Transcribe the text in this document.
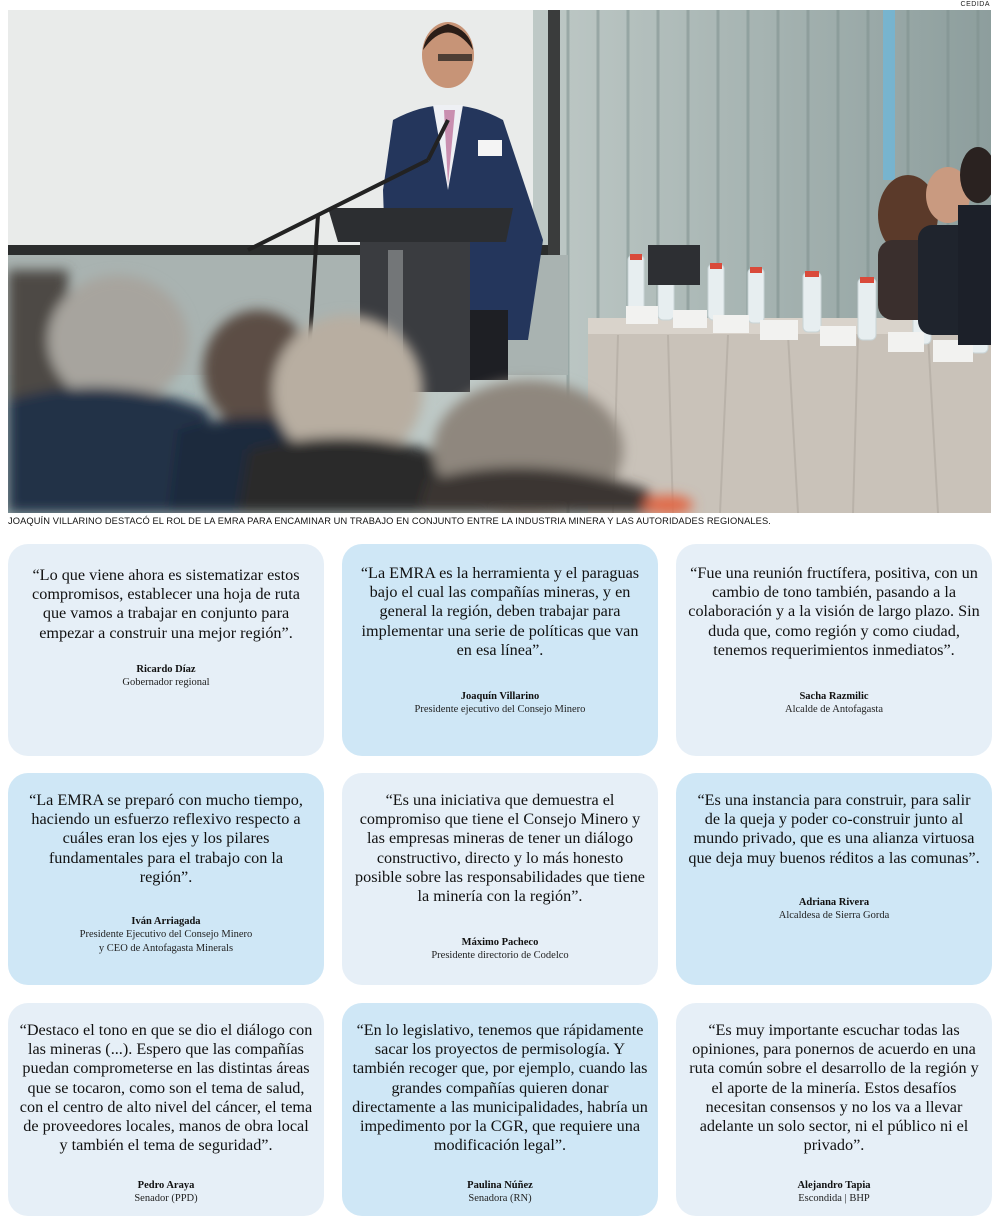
CEDIDA
JOAQUÍN VILLARINO DESTACÓ EL ROL DE LA EMRA PARA ENCAMINAR UN TRABAJO EN CONJUNTO ENTRE LA INDUSTRIA MINERA Y LAS AUTORIDADES REGIONALES.
“Lo que viene ahora es sistematizar estos compromisos, establecer una hoja de ruta que vamos a trabajar en conjunto para empezar a construir una mejor región”.
Ricardo Díaz
Gobernador regional
“La EMRA es la herramienta y el paraguas bajo el cual las compañías mineras, y en general la región, deben trabajar para implementar una serie de políticas que van en esa línea”.
Joaquín Villarino
Presidente ejecutivo del Consejo Minero
“Fue una reunión fructífera, positiva, con un cambio de tono también, pasando a la colaboración y a la visión de largo plazo. Sin duda que, como región y como ciudad, tenemos requerimientos inmediatos”.
Sacha Razmilic
Alcalde de Antofagasta
“La EMRA se preparó con mucho tiempo, haciendo un esfuerzo reflexivo respecto a cuáles eran los ejes y los pilares fundamentales para el trabajo con la región”.
Iván Arriagada
Presidente Ejecutivo del Consejo Minero
y CEO de Antofagasta Minerals
“Es una iniciativa que demuestra el compromiso que tiene el Consejo Minero y las empresas mineras de tener un diálogo constructivo, directo y lo más honesto posible sobre las responsabilidades que tiene la minería con la región”.
Máximo Pacheco
Presidente directorio de Codelco
“Es una instancia para construir, para salir de la queja y poder co-construir junto al mundo privado, que es una alianza virtuosa que deja muy buenos réditos a las comunas”.
Adriana Rivera
Alcaldesa de Sierra Gorda
“Destaco el tono en que se dio el diálogo con las mineras (...). Espero que las compañías puedan comprometerse en las distintas áreas que se tocaron, como son el tema de salud, con el centro de alto nivel del cáncer, el tema de proveedores locales, manos de obra local y también el tema de seguridad”.
Pedro Araya
Senador (PPD)
“En lo legislativo, tenemos que rápidamente sacar los proyectos de permisología. Y también recoger que, por ejemplo, cuando las grandes compañías quieren donar directamente a las municipalidades, habría un impedimento por la CGR, que requiere una modificación legal”.
Paulina Núñez
Senadora (RN)
“Es muy importante escuchar todas las opiniones, para ponernos de acuerdo en una ruta común sobre el desarrollo de la región y el aporte de la minería. Estos desafíos necesitan consensos y no los va a llevar adelante un solo sector, ni el público ni el privado”.
Alejandro Tapia
Escondida | BHP
